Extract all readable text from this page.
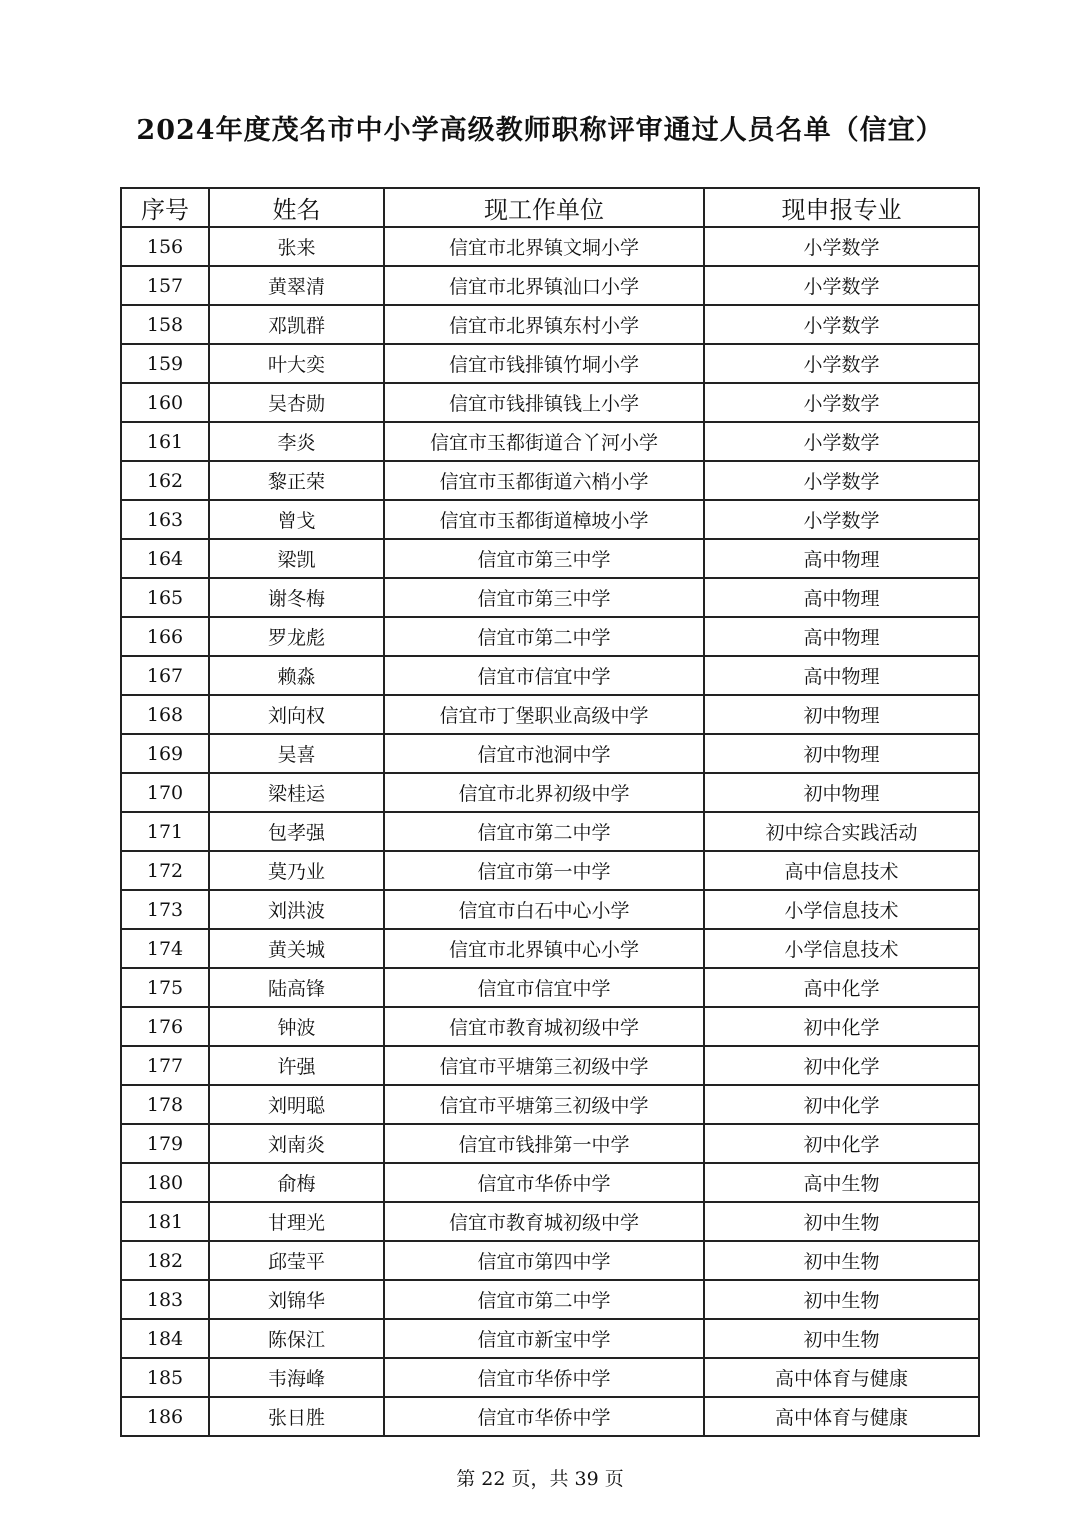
2024年度茂名市中小学高级教师职称评审通过人员名单（信宜）
序号	姓名	现工作单位	现申报专业
156	张来	信宜市北界镇文垌小学	小学数学
157	黄翠清	信宜市北界镇汕口小学	小学数学
158	邓凯群	信宜市北界镇东村小学	小学数学
159	叶大奕	信宜市钱排镇竹垌小学	小学数学
160	吴杏勋	信宜市钱排镇钱上小学	小学数学
161	李炎	信宜市玉都街道合丫河小学	小学数学
162	黎正荣	信宜市玉都街道六梢小学	小学数学
163	曾戈	信宜市玉都街道樟坡小学	小学数学
164	梁凯	信宜市第三中学	高中物理
165	谢冬梅	信宜市第三中学	高中物理
166	罗龙彪	信宜市第二中学	高中物理
167	赖淼	信宜市信宜中学	高中物理
168	刘向权	信宜市丁堡职业高级中学	初中物理
169	吴喜	信宜市池洞中学	初中物理
170	梁桂运	信宜市北界初级中学	初中物理
171	包孝强	信宜市第二中学	初中综合实践活动
172	莫乃业	信宜市第一中学	高中信息技术
173	刘洪波	信宜市白石中心小学	小学信息技术
174	黄关城	信宜市北界镇中心小学	小学信息技术
175	陆高锋	信宜市信宜中学	高中化学
176	钟波	信宜市教育城初级中学	初中化学
177	许强	信宜市平塘第三初级中学	初中化学
178	刘明聪	信宜市平塘第三初级中学	初中化学
179	刘南炎	信宜市钱排第一中学	初中化学
180	俞梅	信宜市华侨中学	高中生物
181	甘理光	信宜市教育城初级中学	初中生物
182	邱莹平	信宜市第四中学	初中生物
183	刘锦华	信宜市第二中学	初中生物
184	陈保江	信宜市新宝中学	初中生物
185	韦海峰	信宜市华侨中学	高中体育与健康
186	张日胜	信宜市华侨中学	高中体育与健康
第 22 页，共 39 页
